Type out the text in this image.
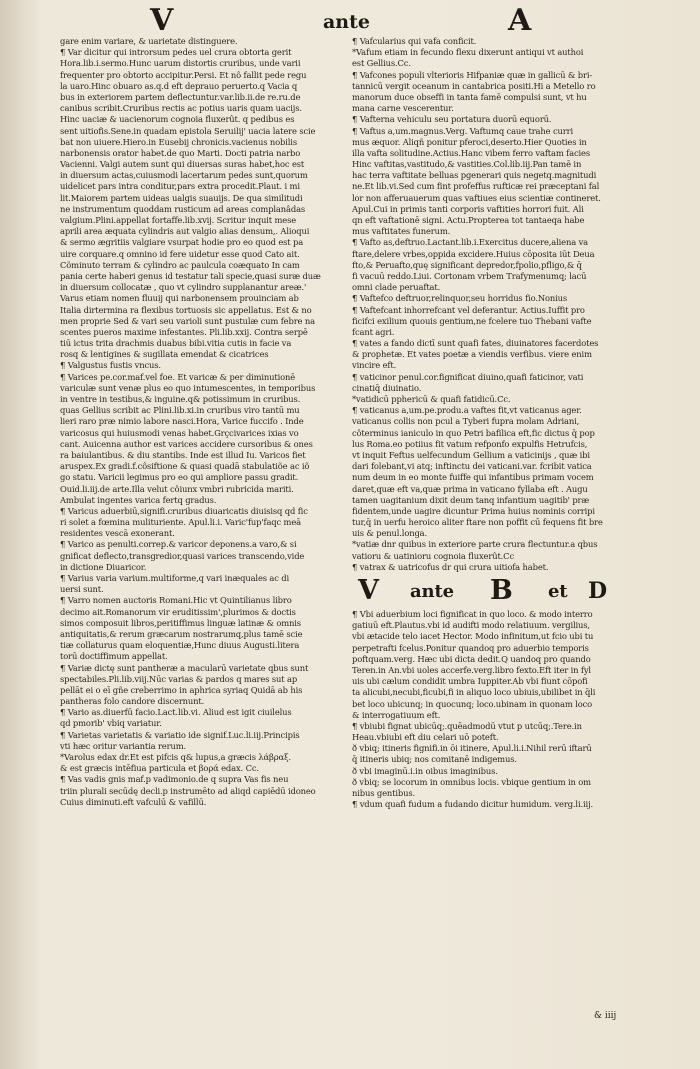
V	ante	A
gare enim variare, & uarietate distinguere.
¶ Var dicitur qui introrsum pedes uel crura obtorta gerit
Hora.lib.i.sermo.Hunc uarum distortis cruribus, unde varii
frequenter pro obtorto accipitur.Persi. Et nô fallit pede regu
la uaro.Hinc obuaro as.q.d eft deprauo peruerto.q Vacia q
bus in exteriorem partem deflectuntur.var.lib.ii.de re.ru.de
canibus scribit.Cruribus rectis ac potius uaris quam uacijs.
Hinc uaciæ & uacienorum cognoia fluxerût. q pedibus es
sent uitiofis.Sene.in quadam epistola Seruilij' uacia latere scie
bat non uiuere.Hiero.in Eusebij chronicis.vacienus nobilis
narbonensis orator habet.de quo Marti. Docti patria narbo
Vacienni. Valgi autem sunt qui diuersas suras habet,hoc est
in diuersum actas,cuiusmodi lacertarum pedes sunt,quorum
uidelicet pars intra conditur,pars extra procedit.Plaut. i mi
lit.Maiorem partem uideas ualgis suauijs. De qua similitudi
ne instrumentum quoddam rusticum ad areas complanâdas
valgium.Plini.appellat fortaffe.lib.xvij. Scritur inquit mese
aprili area æquata cylindris aut valgio alias densum,. Alioqui
& sermo ægritiis valgiare vsurpat hodie pro eo quod est pa
uire corquare.q omnino id fere uidetur esse quod Cato ait.
Cöminuto terram & cylindro ac paulcula coæquato In cam
pania certe haberi genus id testatur tali specie,quasi suræ duæ
in diuersum collocatæ , quo vt cylindro supplanantur areæ.'
Varus etiam nomen fluuij qui narbonensem prouinciam ab
Italia dirtermina ra flexibus tortuosis sic appellatus. Est & no
men proprie Sed & vari seu varioli sunt pustulæ cum febre na
scentes pueros maxime infestantes. Pli.lib.xxij. Contra serpē
tiū ictus trita drachmis duabus bibi.vitia cutis in facie va
rosq & lentigines & sugillata emendat & cicatrices
¶ Valgustus fustis vncus.
¶ Varices pe.cor.maf.vel foe. Et varicæ & per diminutionē
variculæ sunt venæ plus eo quo intumescentes, in temporibus
in ventre in testibus,& inguine.q& potissimum in cruribus.
quas Gellius scribit ac Plini.lib.xi.in cruribus viro tantū mu
lieri raro præ nimio labore nasci.Hora, Varice fuccifo . Inde
varicosus qui huiusmodi venas habet.Grçcivarices ixias vo
cant. Auicenna author est varices accidere cursoribus & ones
ra baiulantibus. & diu stantibs. Inde est illud Iu. Varicos fiet
aruspex.Ex gradi.f.côsiftione & quasi quadā stabulatiõe ac iõ
go statu. Varicii legimus pro eo qui ampliore passu gradit.
Ouid.li.iij.de arte.Illa velut côiunx vmbri rubricida mariti.
Ambulat ingentes varica fertq gradus.
¶ Varicus aduerbiū,signifi.cruribus diuaricatis diuisisq qd fic
ri solet a fœmina mulituriente. Apul.li.i. Varic'fup'faqc meā
residentes vescā exonerant.
¶ Varico as penulti.correp.& varicor deponens.a varo,& si
gnificat deflecto,transgredior,quasi varices transcendo,vide
in dictione Diuaricor.
¶ Varius varia varium.multiforme,q vari inæquales ac di
uersi sunt.
¶ Varro nomen auctoris Romani.Hic vt Quintilianus libro
decimo ait.Romanorum vir eruditissim',plurimos & doctis
simos composuit libros,peritiffimus linguæ latinæ & omnis
antiquitatis,& rerum græcarum nostrarumq,plus tamē scie
tiæ collaturus quam eloquentiæ,Hunc diuus Augusti.litera
torū doctiffimum appellat.
¶ Variæ dictę sunt pantheræ a macularū varietate qbus sunt
spectabiles.Pli.lib.viij.Nūc varias & pardos q mares sut ap
pellāt ei o eī gñe creberrimo in aphrica syriaq Quidā ab his
pantheras folo candore discernunt.
¶ Vario as.diuerfū facio.Lact.lib.vi. Aliud est igit ciuilelus
qd pmorib' vbiq variatur.
¶ Varietas varietatis & variatio ide signif.Luc.li.iij.Principis
vti hæc oritur variantia rerum.
*Varolus edax dr.Et est pifcis q& lupus,a græcis λάβραξ.
& est græcis intēfiua particula et βορά edax. Cc.
¶ Vas vadis gnis maf.p vadimonio.de q supra Vas fis neu
triin plurali secūdę decli.p instrumēto ad aliqd capiēdū idoneo
Cuius diminuti.eft vafculū & vafillū.
¶ Vafcularius qui vafa conficit.
*Vafum etiam in fecundo flexu dixerunt antiqui vt authoi
est Gellius.Cc.
¶ Vafcones populi vlterioris Hifpaniæ quæ in gallicū & bri-
tannicū vergit oceanum in cantabrica positi.Hi a Metello ro
manorum duce obseffi in tanta famē compulsi sunt, vt hu
mana carne vescerentur.
¶ Vafterna vehiculu seu portatura duorū equorū.
¶ Vaftus a,um.magnus.Verg. Vaftumq caue trahe curri
mus æquor. Aliqñ ponitur pferoci,deserto.Hier Quoties in
illa vafta solitudine.Actius.Hanc vibem ferro vaftam facies
Hinc vaftitas,vastitudo,& vastities.Col.lib.iij.Pan tamē in
hac terra vaftitate belluas pgenerari quis negetq.magnitudi
ne.Et lib.vi.Sed cum fint profeffus rufticæ rei præceptani fal
lor non afferuauerum quas vaftiues eius scientiæ contineret.
Apul.Cui in primis tanti corporis vaftities horrori fuit. Ali
qn eft vaftationē signi. Actu.Propterea tot tantaeqa habe
mus vaftitates funerum.
¶ Vafto as,deftruo.Lactant.lib.i.Exercitus ducere,aliena va
ftare,delere vrbes,oppida excidere.Huius cōposita iūt Deua
fto,& Peruafto,quę significant depredor,fpolio,pfligo,& q̄
fi vacuū reddo.Liui. Cortonam vrbem Trafymenumq; lacū
omni clade peruaftat.
¶ Vaftefco deftruor,relinquor,seu horridus fio.Nonius
¶ Vaftefcant inhorrefcant vel deferantur. Actius.Iuffit pro
ficifci exilium quouis gentium,ne fcelere tuo Thebani vafte
fcant agri.
¶ vates a fando dictī sunt quafi fates, diuinatores facerdotes
& prophetæ. Et vates poetæ a viendis verfibus. viere enim
vincire eft.
¶ vaticinor penul.cor.fignificat diuino,quafi faticinor, vati
cinatiq̄ diuinatio.
*vatidicū pphericū & quafi fatidicū.Cc.
¶ vaticanus a,um.pe.produ.a vaftes fit,vt vaticanus ager.
vaticanus collis non pcul a Tyberi fupra molam Adriani,
côterminus ianiculo in quo Petri bafilica eft,fic dictus q̄ pop
lus Roma.eo potiius fit vatum refponfo expulfis Hetrufcis,
vt inquit Feftus uelfecundum Gellium a vaticinijs , quæ ibi
dari folebant,vi atq; inftinctu dei vaticani.var. fcribit vatica
num deum in eo monte fuiffe qui infantibus primam vocem
daret,quæ eft va,quæ prima in vaticano fyllaba eft . Augu
tamen uagitanium dixit deum tanq infantium uagitib' præ
fidentem,unde uagire dicuntur Prima huius nominis corripi
tur,q̄ in uerfu heroico aliter ftare non poffit cū fequens fit bre
uis & penul.longa.
*vatiæ dnr quibus in exteriore parte crura flectuntur.a qbus
vatioru & uatinioru cognoia fluxerût.Cc
¶ vatrax & uatricofus dr qui crura uitiofa habet.
V ante B et D
¶ Vbi aduerbium loci fignificat in quo loco. & modo interro
gatiuū eft.Plautus.vbi id audifti modo relatiuum. vergilius,
vbi ætacide telo iacet Hector. Modo infinitum,ut fcio ubi tu
perpetrafti fcelus.Ponitur quandoq pro aduerbio temporis
poftquam.verg. Hæc ubi dicta dedit.Q uandoq pro quando
Teren.in An.vbi uoles accerfe.verg.libro fexto.Eft iter in fyl
uis ubi cælum condidit umbra Iuppiter.Ab vbi fiunt cōpofi
ta alicubi,necubi,ficubi,fi in aliquo loco ubiuis,ubilibet in q̄li
bet loco ubicunq; in quocunq; loco.ubinam in quonam loco
& interrogatiuum eft.
¶ vbiubi fignat ubicūq;.quēadmodū vtut p utcūq;.Tere.in
Heau.vbiubi eft diu celari uō poteft.
ð vbiq; itineris fignifi.in ōi itinere, Apul.li.i.Nihil rerū iftarū
q̄ itineris ubiq; nos comitanē indigemus.
ð vbi imaginū.i.in oibus imaginibus.
ð vbiq; se locorum in omnibus locis. vbique gentium in om
nibus gentibus.
¶ vdum quafi fudum a fudando dicitur humidum. verg.li.iij.
& iiij
